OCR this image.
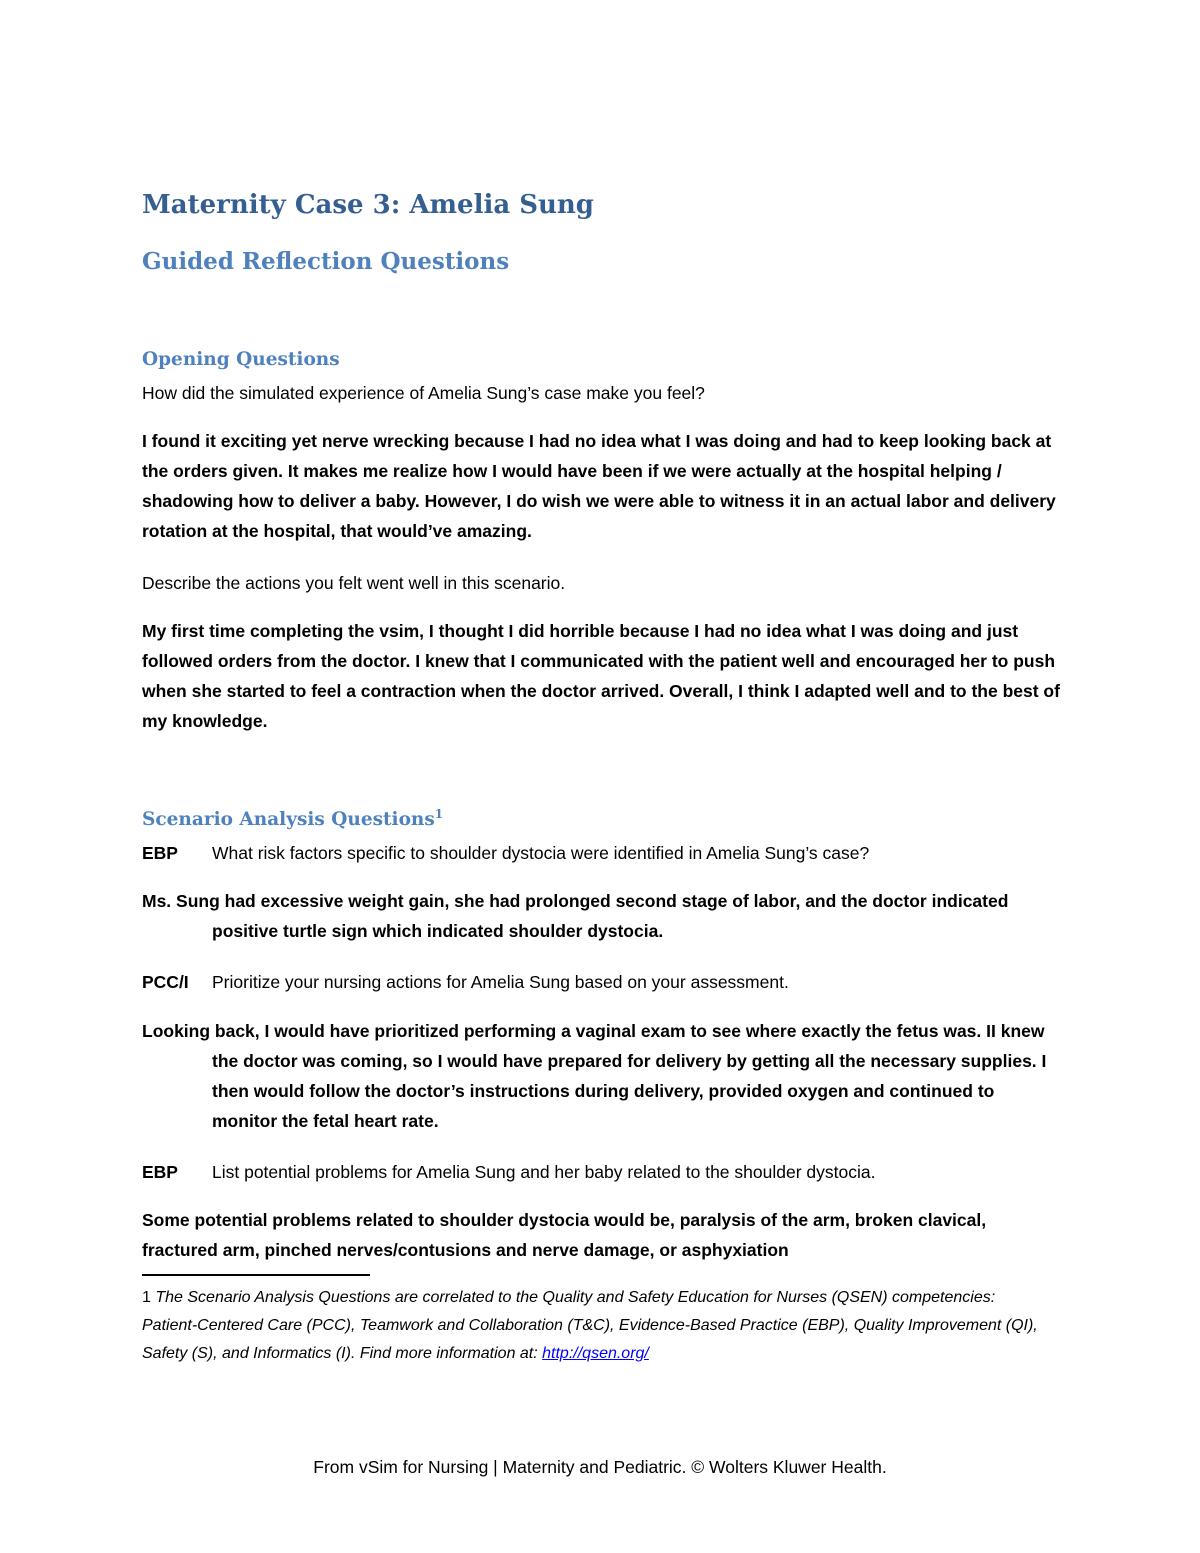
Maternity Case 3: Amelia Sung
Guided Reflection Questions
Opening Questions

How did the simulated experience of Amelia Sung’s case make you feel?

I found it exciting yet nerve wrecking because I had no idea what I was doing and had to keep looking back at the orders given. It makes me realize how I would have been if we were actually at the hospital helping / shadowing how to deliver a baby. However, I do wish we were able to witness it in an actual labor and delivery rotation at the hospital, that would’ve amazing.

Describe the actions you felt went well in this scenario.

My first time completing the vsim, I thought I did horrible because I had no idea what I was doing and just followed orders from the doctor. I knew that I communicated with the patient well and encouraged her to push when she started to feel a contraction when the doctor arrived. Overall, I think I adapted well and to the best of my knowledge.

Scenario Analysis Questions$^1$
EBP	What risk factors specific to shoulder dystocia were identified in Amelia Sung’s case?
Ms. Sung had excessive weight gain, she had prolonged second stage of labor, and the doctor indicated positive turtle sign which indicated shoulder dystocia.
PCC/I	Prioritize your nursing actions for Amelia Sung based on your assessment.
Looking back, I would have prioritized performing a vaginal exam to see where exactly the fetus was. II knew the doctor was coming, so I would have prepared for delivery by getting all the necessary supplies. I then would follow the doctor’s instructions during delivery, provided oxygen and continued to monitor the fetal heart rate.
EBP	List potential problems for Amelia Sung and her baby related to the shoulder dystocia.

Some potential problems related to shoulder dystocia would be, paralysis of the arm, broken clavical, fractured arm, pinched nerves/contusions and nerve damage, or asphyxiation

1 The Scenario Analysis Questions are correlated to the Quality and Safety Education for Nurses (QSEN) competencies: Patient-Centered Care (PCC), Teamwork and Collaboration (T&C), Evidence-Based Practice (EBP), Quality Improvement (QI), Safety (S), and Informatics (I). Find more information at: http://qsen.org/
From vSim for Nursing | Maternity and Pediatric. © Wolters Kluwer Health.
